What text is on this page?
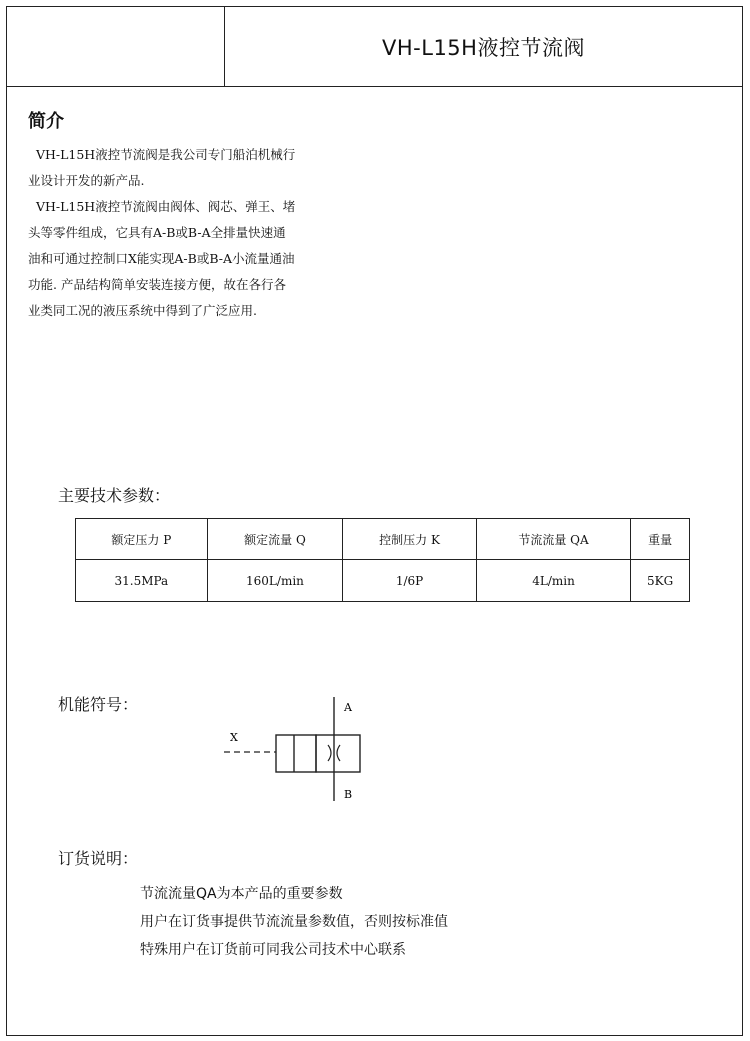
VH-L15H液控节流阀
简介

VH-L15H液控节流阀是我公司专门船泊机械行

业设计开发的新产品.

VH-L15H液控节流阀由阀体、阀芯、弹王、堵

头等零件组成，它具有A-B或B-A全排量快速通

油和可通过控制口X能实现A-B或B-A小流量通油

功能. 产品结构简单安装连接方便，故在各行各

业类同工况的液压系统中得到了广泛应用.

主要技术参数：
额定压力 P	额定流量 Q	控制压力 K	节流流量 QA	重量
31.5MPa	160L/min	1/6P	4L/min	5KG
机能符号：	A
B
X
订货说明：
节流流量QA为本产品的重要参数
用户在订货事提供节流流量参数值，否则按标准值
特殊用户在订货前可同我公司技术中心联系
